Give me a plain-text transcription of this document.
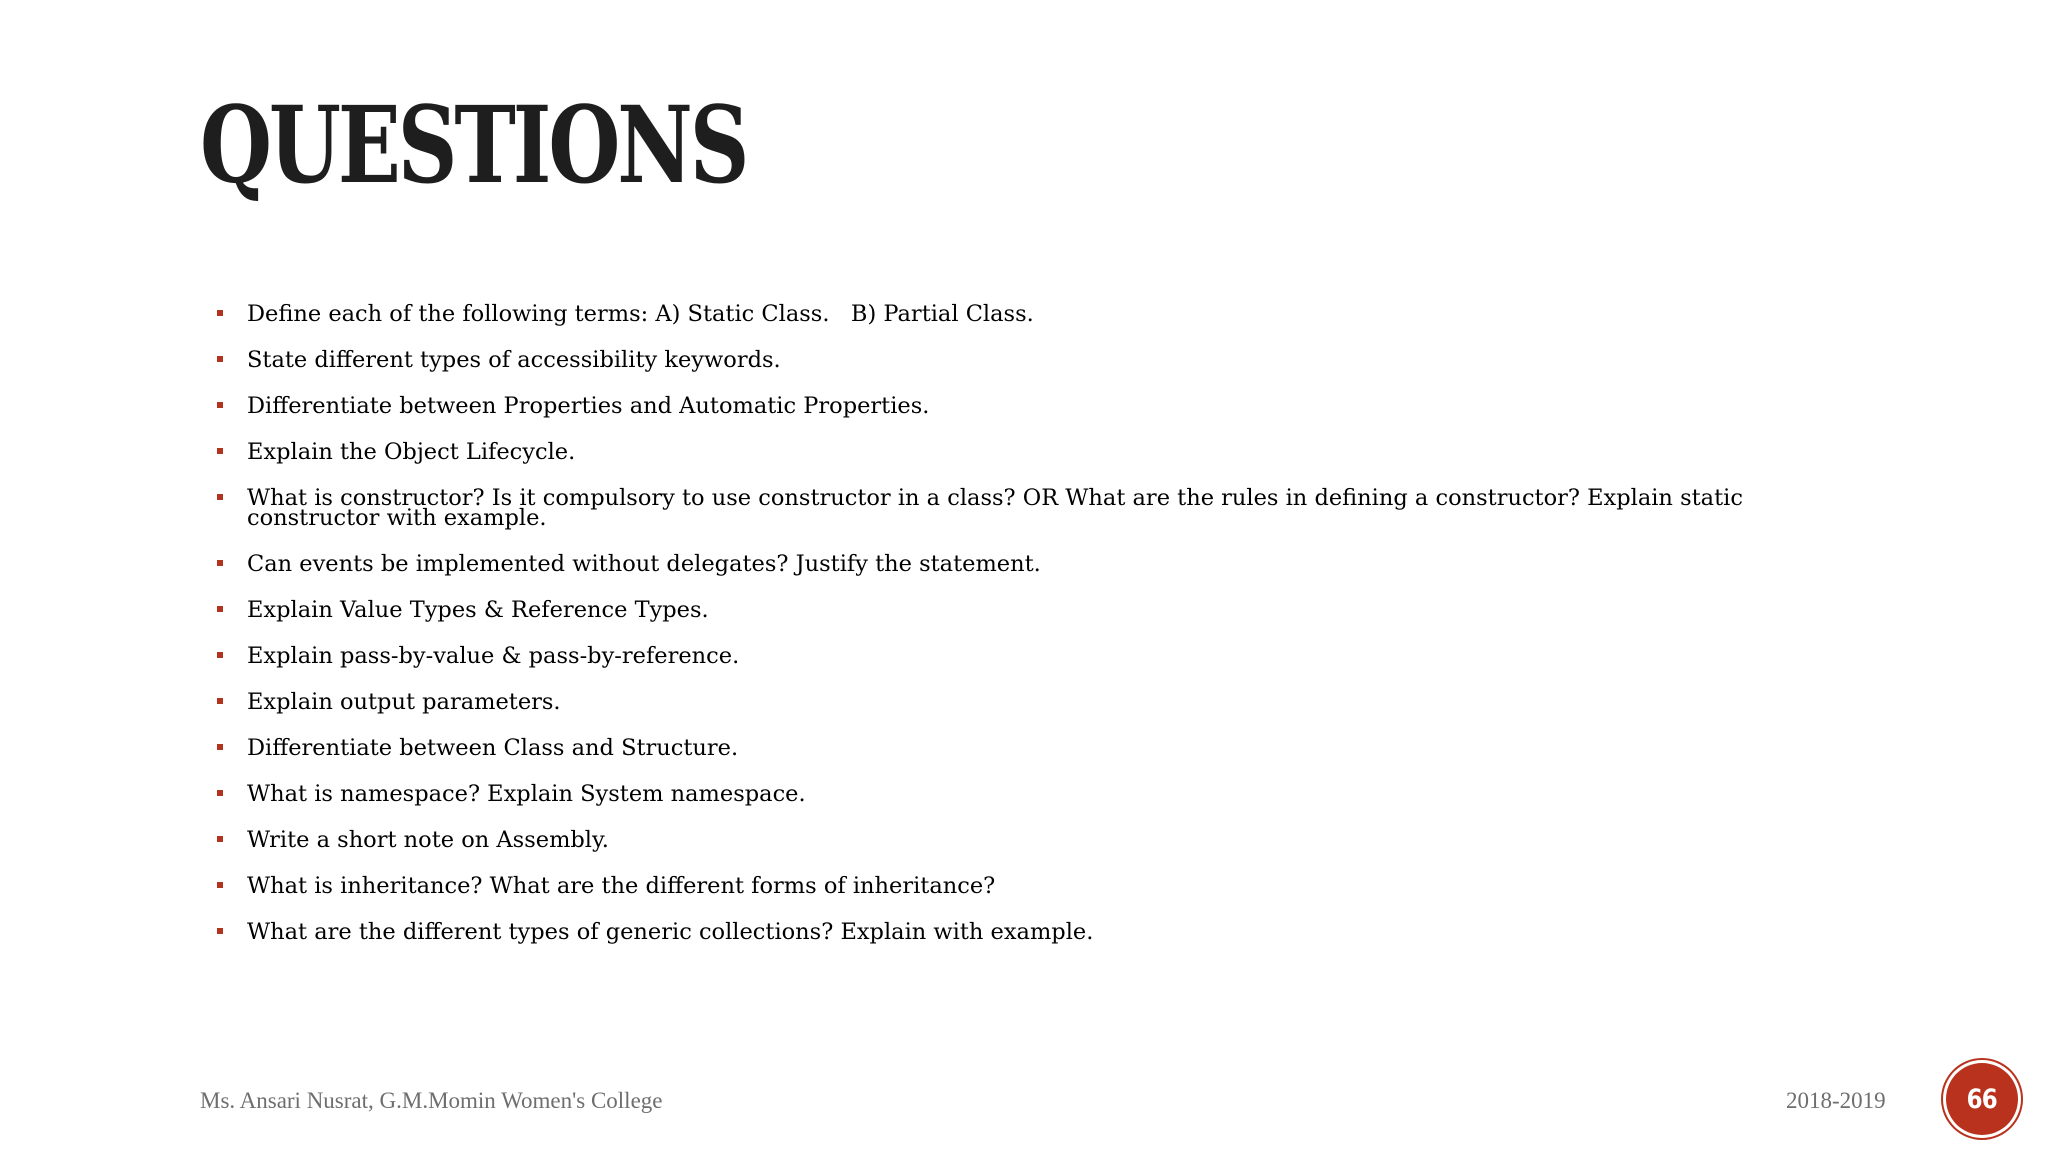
QUESTIONS
Define each of the following terms: A) Static Class.   B) Partial Class.
State different types of accessibility keywords.
Differentiate between Properties and Automatic Properties.
Explain the Object Lifecycle.
What is constructor? Is it compulsory to use constructor in a class? OR What are the rules in defining a constructor? Explain static constructor with example.
Can events be implemented without delegates? Justify the statement.
Explain Value Types & Reference Types.
Explain pass-by-value & pass-by-reference.
Explain output parameters.
Differentiate between Class and Structure.
What is namespace? Explain System namespace.
Write a short note on Assembly.
What is inheritance? What are the different forms of inheritance?
What are the different types of generic collections? Explain with example.
Ms. Ansari Nusrat, G.M.Momin Women's College	2018-2019	66
